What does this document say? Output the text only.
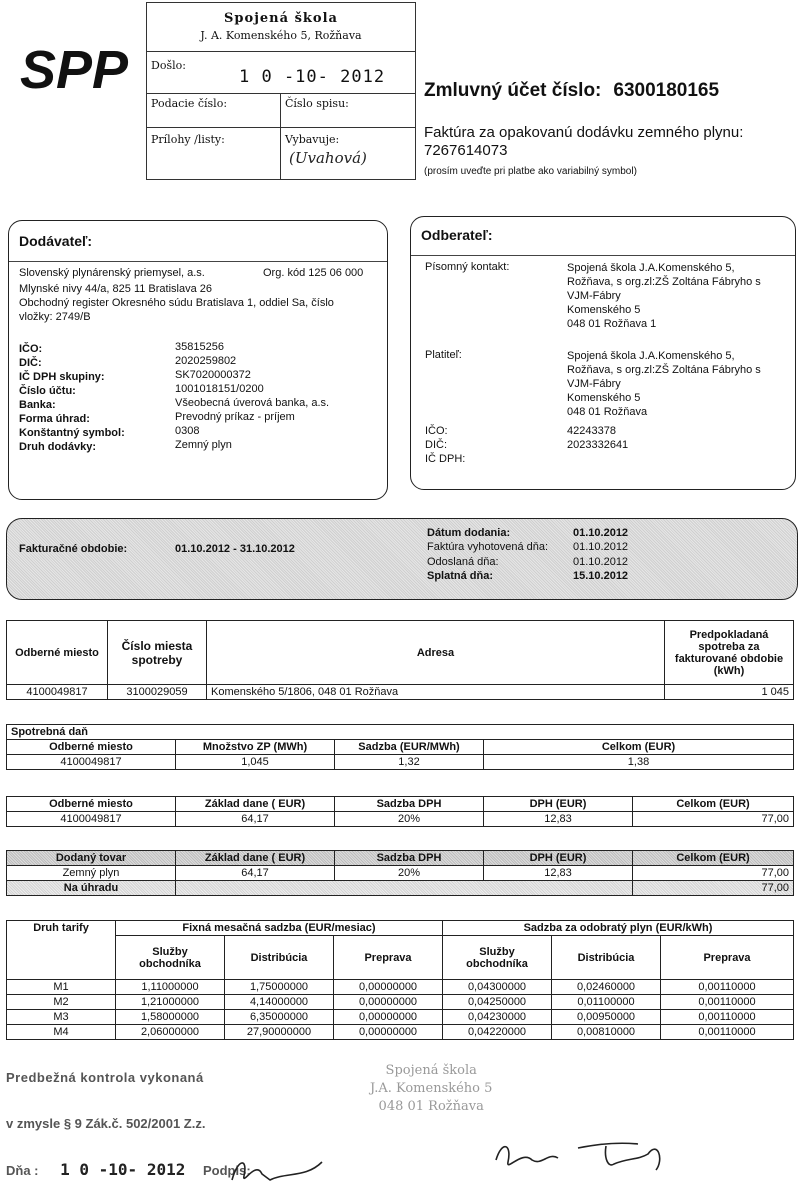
SPP
Spojená škola
J. A. Komenského 5, Rožňava
Došlo:
1 0 -10- 2012
Podacie číslo:	Číslo spisu:
Prílohy /listy:	Vybavuje:
(Uvahová)
Zmluvný účet číslo: 6300180165
Faktúra za opakovanú dodávku zemného plynu:
7267614073
(prosím uveďte pri platbe ako variabilný symbol)
Dodávateľ:
Slovenský plynárenský priemysel, a.s.	Org. kód 125 06 000
Mlynské nivy 44/a, 825 11 Bratislava 26
Obchodný register Okresného súdu Bratislava 1, oddiel Sa, číslo
vložky: 2749/B
IČO:	35815256
DIČ:	2020259802
IČ DPH skupiny:	SK7020000372
Číslo účtu:	1001018151/0200
Banka:	Všeobecná úverová banka, a.s.
Forma úhrad:	Prevodný príkaz - príjem
Konštantný symbol:	0308
Druh dodávky:	Zemný plyn
Odberateľ:
Písomný kontakt:	Spojená škola J.A.Komenského 5,
Rožňava, s org.zl:ZŠ Zoltána Fábryho s
VJM-Fábry
Komenského 5
048 01 Rožňava 1
Platiteľ:	Spojená škola J.A.Komenského 5,
Rožňava, s org.zl:ZŠ Zoltána Fábryho s
VJM-Fábry
Komenského 5
048 01 Rožňava
IČO:	42243378
DIČ:	2023332641
IČ DPH:
Fakturačné obdobie:	01.10.2012 - 31.10.2012
Dátum dodania:	01.10.2012
Faktúra vyhotovená dňa: 01.10.2012
Odoslaná dňa:	01.10.2012
Splatná dňa:	15.10.2012
Odberné miesto	Číslo miesta spotreby	Adresa	Predpokladaná spotreba za fakturované obdobie (kWh)
4100049817	3100029059	Komenského 5/1806, 048 01 Rožňava	1 045
Spotrebná daň			
Odberné miesto	Množstvo ZP (MWh)	Sadzba (EUR/MWh)	Celkom (EUR)
4100049817	1,045	1,32	1,38
Odberné miesto	Základ dane ( EUR)	Sadzba DPH	DPH (EUR)	Celkom (EUR)
4100049817	64,17	20%	12,83	77,00
Dodaný tovar	Základ dane ( EUR)	Sadzba DPH	DPH (EUR)	Celkom (EUR)
Zemný plyn	64,17	20%	12,83	77,00
Na úhradu				77,00
Druh tarify	Fixná mesačná sadzba (EUR/mesiac)			Sadzba za odobratý plyn (EUR/kWh)		
	Služby obchodníka	Distribúcia	Preprava	Služby obchodníka	Distribúcia	Preprava
M1	1,11000000	1,75000000	0,00000000	0,04300000	0,02460000	0,00110000
M2	1,21000000	4,14000000	0,00000000	0,04250000	0,01100000	0,00110000
M3	1,58000000	6,35000000	0,00000000	0,04230000	0,00950000	0,00110000
M4	2,06000000	27,90000000	0,00000000	0,04220000	0,00810000	0,00110000
Predbežná kontrola vykonaná
v zmysle § 9 Zák.č. 502/2001 Z.z.
Dňa : 1 0 -10- 2012 Podpis:
Spojená škola
J.A. Komenského 5
048 01 Rožňava
